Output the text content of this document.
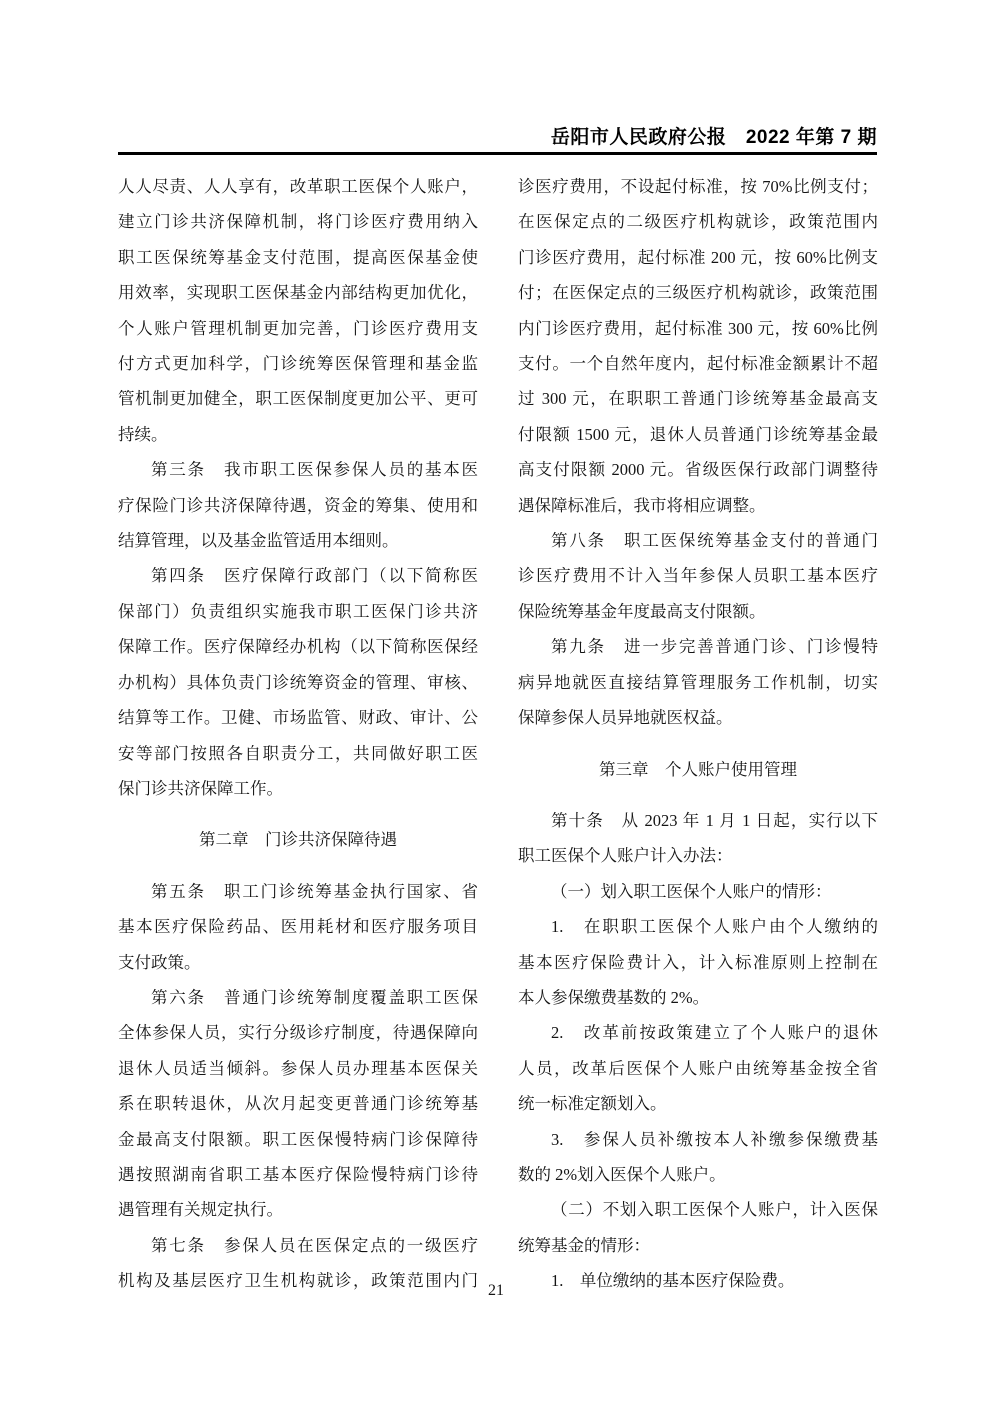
岳阳市人民政府公报　2022 年第 7 期
人人尽责、人人享有，改革职工医保个人账户，
建立门诊共济保障机制，将门诊医疗费用纳入
职工医保统筹基金支付范围，提高医保基金使
用效率，实现职工医保基金内部结构更加优化，
个人账户管理机制更加完善，门诊医疗费用支
付方式更加科学，门诊统筹医保管理和基金监
管机制更加健全，职工医保制度更加公平、更可
持续。
第三条　我市职工医保参保人员的基本医
疗保险门诊共济保障待遇，资金的筹集、使用和
结算管理，以及基金监管适用本细则。
第四条　医疗保障行政部门（以下简称医
保部门）负责组织实施我市职工医保门诊共济
保障工作。医疗保障经办机构（以下简称医保经
办机构）具体负责门诊统筹资金的管理、审核、
结算等工作。卫健、市场监管、财政、审计、公
安等部门按照各自职责分工，共同做好职工医
保门诊共济保障工作。
第二章　门诊共济保障待遇
第五条　职工门诊统筹基金执行国家、省
基本医疗保险药品、医用耗材和医疗服务项目
支付政策。
第六条　普通门诊统筹制度覆盖职工医保
全体参保人员，实行分级诊疗制度，待遇保障向
退休人员适当倾斜。参保人员办理基本医保关
系在职转退休，从次月起变更普通门诊统筹基
金最高支付限额。职工医保慢特病门诊保障待
遇按照湖南省职工基本医疗保险慢特病门诊待
遇管理有关规定执行。
第七条　参保人员在医保定点的一级医疗
机构及基层医疗卫生机构就诊，政策范围内门
诊医疗费用，不设起付标准，按 70%比例支付；
在医保定点的二级医疗机构就诊，政策范围内
门诊医疗费用，起付标准 200 元，按 60%比例支
付；在医保定点的三级医疗机构就诊，政策范围
内门诊医疗费用，起付标准 300 元，按 60%比例
支付。一个自然年度内，起付标准金额累计不超
过 300 元，在职职工普通门诊统筹基金最高支
付限额 1500 元，退休人员普通门诊统筹基金最
高支付限额 2000 元。省级医保行政部门调整待
遇保障标准后，我市将相应调整。
第八条　职工医保统筹基金支付的普通门
诊医疗费用不计入当年参保人员职工基本医疗
保险统筹基金年度最高支付限额。
第九条　进一步完善普通门诊、门诊慢特
病异地就医直接结算管理服务工作机制，切实
保障参保人员异地就医权益。
第三章　个人账户使用管理
第十条　从 2023 年 1 月 1 日起，实行以下
职工医保个人账户计入办法：
（一）划入职工医保个人账户的情形：
1.　在职职工医保个人账户由个人缴纳的
基本医疗保险费计入，计入标准原则上控制在
本人参保缴费基数的 2%。
2.　改革前按政策建立了个人账户的退休
人员，改革后医保个人账户由统筹基金按全省
统一标准定额划入。
3.　参保人员补缴按本人补缴参保缴费基
数的 2%划入医保个人账户。
（二）不划入职工医保个人账户，计入医保
统筹基金的情形：
1.　单位缴纳的基本医疗保险费。
21
